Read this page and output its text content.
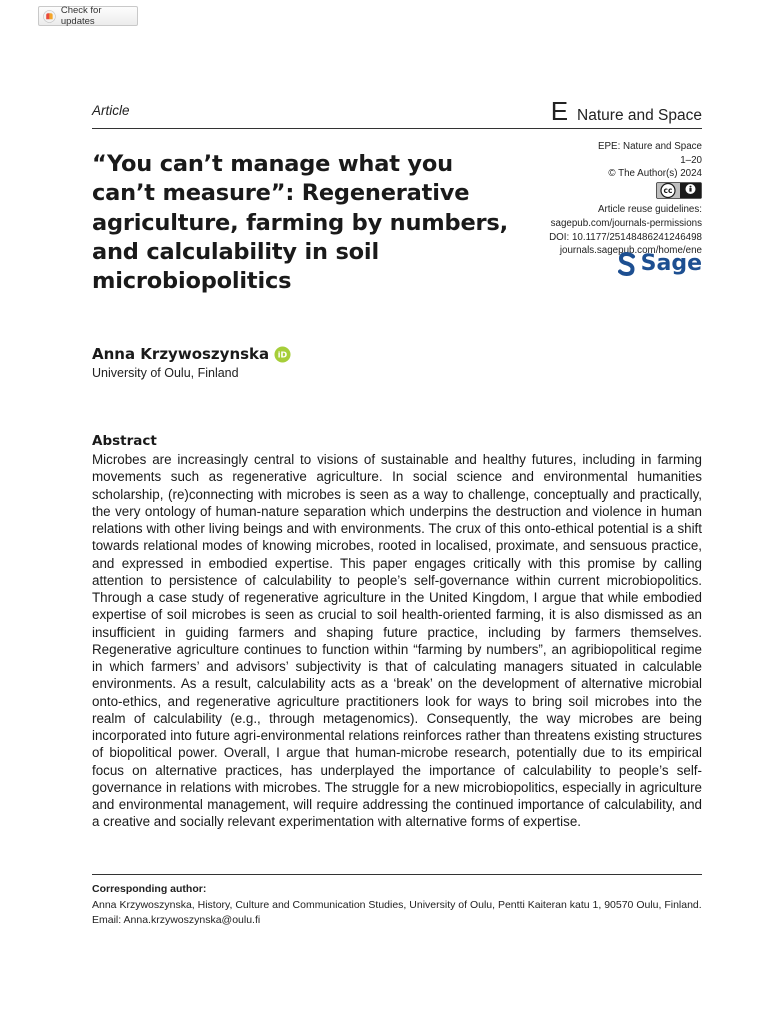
Check for updates
Article	E Nature and Space
“You can’t manage what you can’t measure”: Regenerative agriculture, farming by numbers, and calculability in soil microbiopolitics
EPE: Nature and Space
1–20
© The Author(s) 2024
cc
Article reuse guidelines:
sagepub.com/journals-permissions
DOI: 10.1177/25148486241246498
journals.sagepub.com/home/ene
Sage
Anna Krzywoszynska iD
University of Oulu, Finland
Abstract

Microbes are increasingly central to visions of sustainable and healthy futures, including in farming movements such as regenerative agriculture. In social science and environmental humanities scholarship, (re)connecting with microbes is seen as a way to challenge, conceptually and practically, the very ontology of human-nature separation which underpins the destruction and violence in human relations with other living beings and with environments. The crux of this onto-ethical potential is a shift towards relational modes of knowing microbes, rooted in localised, proximate, and sensuous practice, and expressed in embodied expertise. This paper engages critically with this promise by calling attention to persistence of calculability to people’s self-governance within current microbiopolitics. Through a case study of regenerative agriculture in the United Kingdom, I argue that while embodied expertise of soil microbes is seen as crucial to soil health-oriented farming, it is also dismissed as an insufficient in guiding farmers and shaping future practice, including by farmers themselves. Regenerative agriculture continues to function within “farming by numbers”, an agribiopolitical regime in which farmers’ and advisors’ subjectivity is that of calculating managers situated in calculable environments. As a result, calculability acts as a ‘break’ on the development of alternative microbial onto-ethics, and regenerative agriculture practitioners look for ways to bring soil microbes into the realm of calculability (e.g., through metagenomics). Consequently, the way microbes are being incorporated into future agri-environmental relations reinforces rather than threatens existing structures of biopolitical power. Overall, I argue that human-microbe research, potentially due to its empirical focus on alternative practices, has underplayed the importance of calculability to people’s self-governance in relations with microbes. The struggle for a new microbiopolitics, especially in agriculture and environmental management, will require addressing the continued importance of calculability, and a creative and socially relevant experimentation with alternative forms of expertise.

Corresponding author:
Anna Krzywoszynska, History, Culture and Communication Studies, University of Oulu, Pentti Kaiteran katu 1, 90570 Oulu, Finland.
Email: Anna.krzywoszynska@oulu.fi
